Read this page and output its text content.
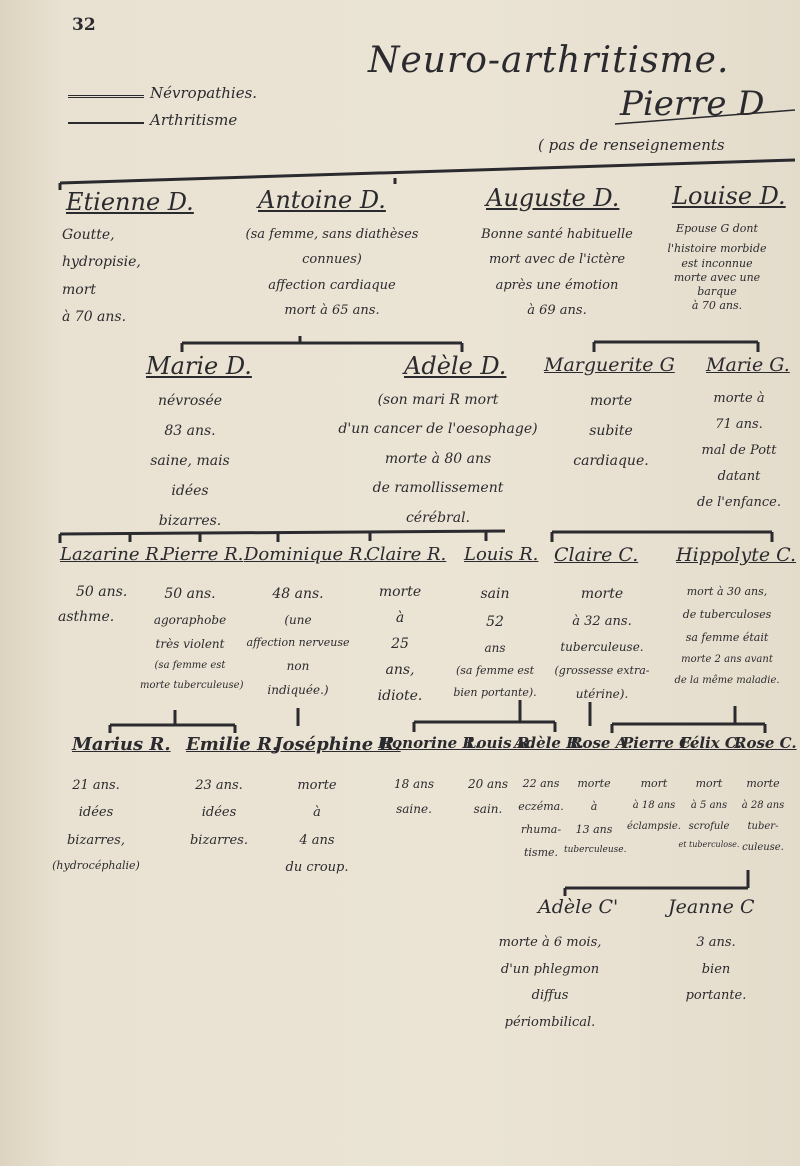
32
Neuro-arthritisme.
Névropathies.
Arthritisme	Pierre D
( pas de renseignements
Etienne D.
Goutte,
hydropisie,
mort
à 70 ans.
Antoine D.
(sa femme, sans diathèses
connues)
affection cardiaque
mort à 65 ans.
Auguste D.
Bonne santé habituelle
mort avec de l'ictère
après une émotion
à 69 ans.
Louise D.
Epouse G dont
l'histoire morbide
est inconnue
morte avec une
barque
à 70 ans.
Marie D.
névrosée
83 ans.
saine, mais
idées
bizarres.
Adèle D.
(son mari R mort
d'un cancer de l'oesophage)
morte à 80 ans
de ramollissement
cérébral.
Marguerite G
morte
subite
cardiaque.
Marie G.
morte à
71 ans.
mal de Pott
datant
de l'enfance.
Lazarine R.
50 ans.
asthme.
Pierre R.
50 ans.
agoraphobe
très violent
(sa femme est
morte tuberculeuse)
Dominique R.
48 ans.
(une
affection nerveuse
non
indiquée.)
Claire R.
morte
à
25
ans,
idiote.
Louis R.
sain
52
ans
(sa femme est
bien portante).
Claire C.
morte
à 32 ans.
tuberculeuse.
(grossesse extra-
utérine).
Hippolyte C.
mort à 30 ans,
de tuberculoses
sa femme était
morte 2 ans avant
de la même maladie.
Marius R.
21 ans.
idées
bizarres,
(hydrocéphalie)
Emilie R.
23 ans.
idées
bizarres.
Joséphine R.
morte
à
4 ans
du croup.
Honorine R.
18 ans
saine.
Louis R.
20 ans
sain.
Adèle R.
22 ans
eczéma.
rhuma-
tisme.
Rose A.
morte
à
13 ans
tuberculeuse.
Pierre C.
mort
à 18 ans
éclampsie.
Félix C.
mort
à 5 ans
scrofule
et tuberculose.
Rose C.
morte
à 28 ans
tuber-
culeuse.
Adèle C'
morte à 6 mois,
d'un phlegmon
diffus
périombilical.
Jeanne C
3 ans.
bien
portante.
